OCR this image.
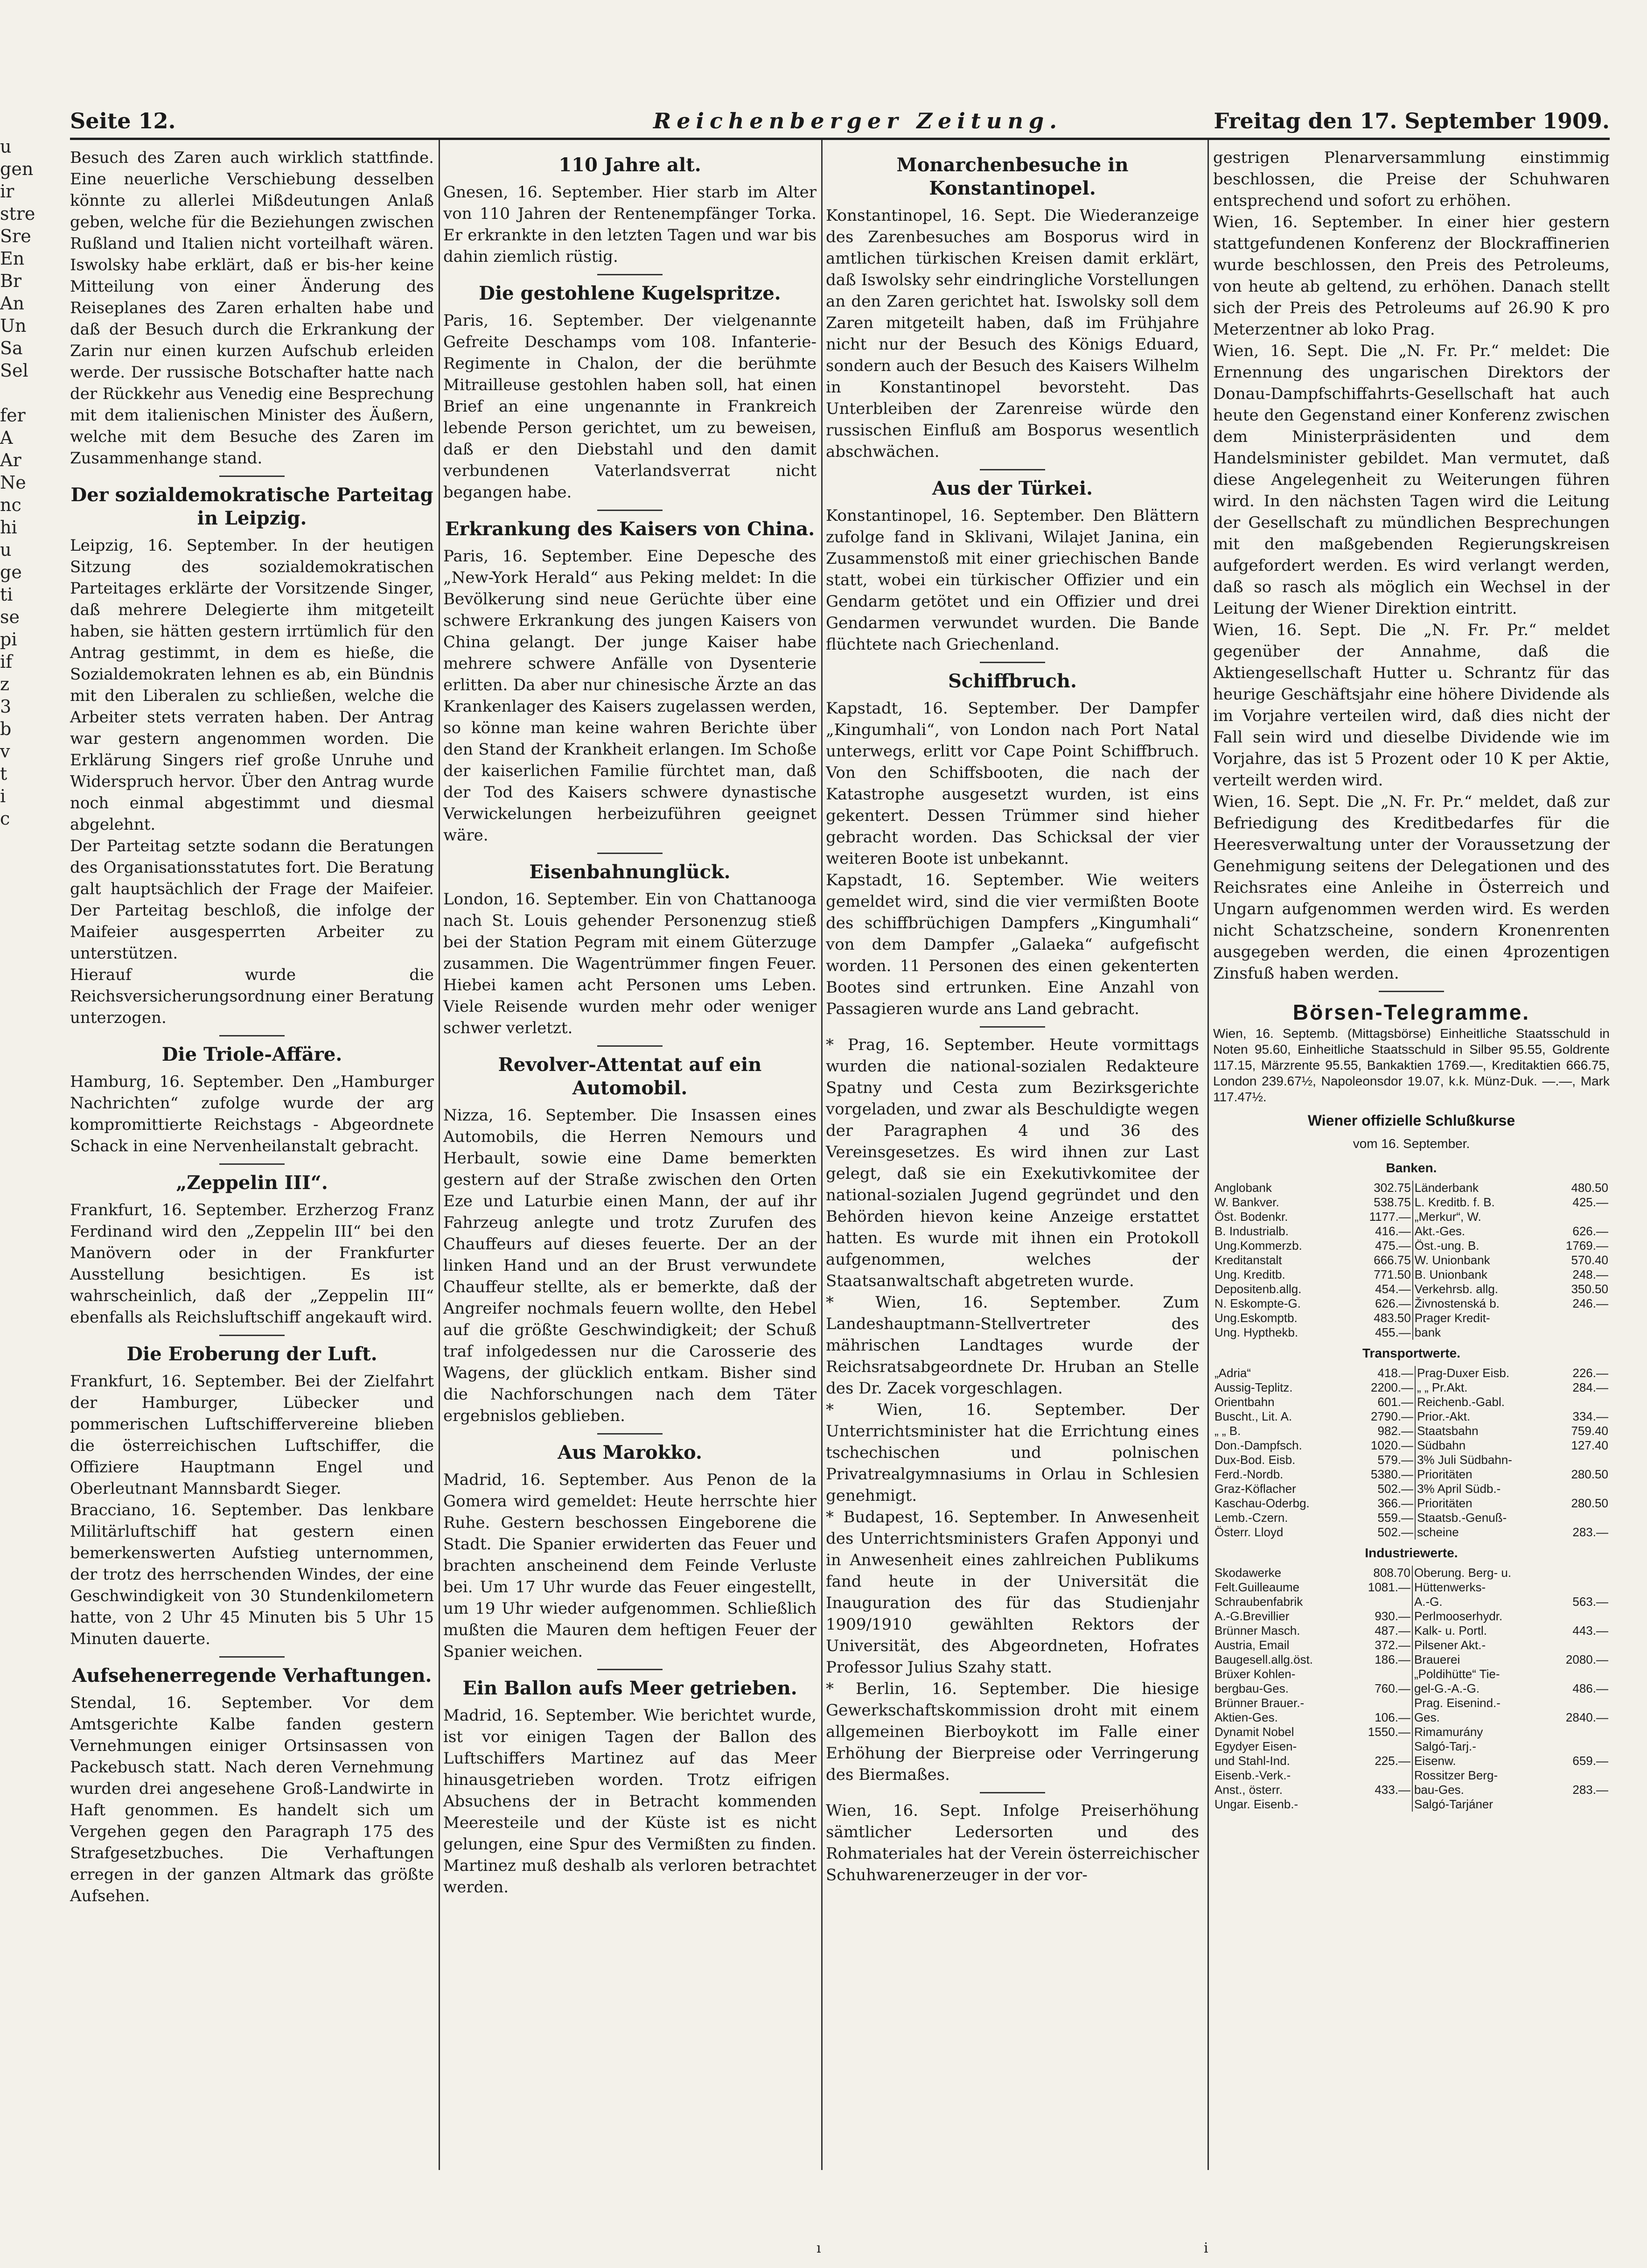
u
gen
ir
stre
Sre
En
Br
An
Un
Sa
Sel
fer
A
Ar
Ne
nc
hi
u
ge
ti
se
pi
if
z
3
b
v
t
i
c
Seite 12.	Reichenberger Zeitung.	Freitag den 17. September 1909.

Besuch des Zaren auch wirklich stattfinde. Eine neuerliche Verschiebung desselben könnte zu allerlei Mißdeutungen Anlaß geben, welche für die Beziehungen zwischen Rußland und Italien nicht vorteilhaft wären. Iswolsky habe erklärt, daß er bis-her keine Mitteilung von einer Änderung des Reiseplanes des Zaren erhalten habe und daß der Besuch durch die Erkrankung der Zarin nur einen kurzen Aufschub erleiden werde. Der russische Botschafter hatte nach der Rückkehr aus Venedig eine Besprechung mit dem italienischen Minister des Äußern, welche mit dem Besuche des Zaren im Zusammenhange stand.

Der sozialdemokratische Parteitag in Leipzig.

Leipzig, 16. September. In der heutigen Sitzung des sozialdemokratischen Parteitages erklärte der Vorsitzende Singer, daß mehrere Delegierte ihm mitgeteilt haben, sie hätten gestern irrtümlich für den Antrag gestimmt, in dem es hieße, die Sozialdemokraten lehnen es ab, ein Bündnis mit den Liberalen zu schließen, welche die Arbeiter stets verraten haben. Der Antrag war gestern angenommen worden. Die Erklärung Singers rief große Unruhe und Widerspruch hervor. Über den Antrag wurde noch einmal abgestimmt und diesmal abgelehnt.

Der Parteitag setzte sodann die Beratungen des Organisationsstatutes fort. Die Beratung galt hauptsächlich der Frage der Maifeier. Der Parteitag beschloß, die infolge der Maifeier ausgesperrten Arbeiter zu unterstützen.

Hierauf wurde die Reichsversicherungsordnung einer Beratung unterzogen.

Die Triole-Affäre.

Hamburg, 16. September. Den „Hamburger Nachrichten“ zufolge wurde der arg kompromittierte Reichstags - Abgeordnete Schack in eine Nervenheilanstalt gebracht.

„Zeppelin III“.

Frankfurt, 16. September. Erzherzog Franz Ferdinand wird den „Zeppelin III“ bei den Manövern oder in der Frankfurter Ausstellung besichtigen. Es ist wahrscheinlich, daß der „Zeppelin III“ ebenfalls als Reichsluftschiff angekauft wird.

Die Eroberung der Luft.

Frankfurt, 16. September. Bei der Zielfahrt der Hamburger, Lübecker und pommerischen Luftschiffervereine blieben die österreichischen Luftschiffer, die Offiziere Hauptmann Engel und Oberleutnant Mannsbardt Sieger.

Bracciano, 16. September. Das lenkbare Militärluftschiff hat gestern einen bemerkenswerten Aufstieg unternommen, der trotz des herrschenden Windes, der eine Geschwindigkeit von 30 Stundenkilometern hatte, von 2 Uhr 45 Minuten bis 5 Uhr 15 Minuten dauerte.

Aufsehenerregende Verhaftungen.

Stendal, 16. September. Vor dem Amtsgerichte Kalbe fanden gestern Vernehmungen einiger Ortsinsassen von Packebusch statt. Nach deren Vernehmung wurden drei angesehene Groß-Landwirte in Haft genommen. Es handelt sich um Vergehen gegen den Paragraph 175 des Strafgesetzbuches. Die Verhaftungen erregen in der ganzen Altmark das größte Aufsehen.

110 Jahre alt.

Gnesen, 16. September. Hier starb im Alter von 110 Jahren der Rentenempfänger Torka. Er erkrankte in den letzten Tagen und war bis dahin ziemlich rüstig.

Die gestohlene Kugelspritze.

Paris, 16. September. Der vielgenannte Gefreite Deschamps vom 108. Infanterie-Regimente in Chalon, der die berühmte Mitrailleuse gestohlen haben soll, hat einen Brief an eine ungenannte in Frankreich lebende Person gerichtet, um zu beweisen, daß er den Diebstahl und den damit verbundenen Vaterlandsverrat nicht begangen habe.

Erkrankung des Kaisers von China.

Paris, 16. September. Eine Depesche des „New-York Herald“ aus Peking meldet: In die Bevölkerung sind neue Gerüchte über eine schwere Erkrankung des jungen Kaisers von China gelangt. Der junge Kaiser habe mehrere schwere Anfälle von Dysenterie erlitten. Da aber nur chinesische Ärzte an das Krankenlager des Kaisers zugelassen werden, so könne man keine wahren Berichte über den Stand der Krankheit erlangen. Im Schoße der kaiserlichen Familie fürchtet man, daß der Tod des Kaisers schwere dynastische Verwickelungen herbeizuführen geeignet wäre.

Eisenbahnunglück.

London, 16. September. Ein von Chattanooga nach St. Louis gehender Personenzug stieß bei der Station Pegram mit einem Güterzuge zusammen. Die Wagentrümmer fingen Feuer. Hiebei kamen acht Personen ums Leben. Viele Reisende wurden mehr oder weniger schwer verletzt.

Revolver-Attentat auf ein Automobil.

Nizza, 16. September. Die Insassen eines Automobils, die Herren Nemours und Herbault, sowie eine Dame bemerkten gestern auf der Straße zwischen den Orten Eze und Laturbie einen Mann, der auf ihr Fahrzeug anlegte und trotz Zurufen des Chauffeurs auf dieses feuerte. Der an der linken Hand und an der Brust verwundete Chauffeur stellte, als er bemerkte, daß der Angreifer nochmals feuern wollte, den Hebel auf die größte Geschwindigkeit; der Schuß traf infolgedessen nur die Carosserie des Wagens, der glücklich entkam. Bisher sind die Nachforschungen nach dem Täter ergebnislos geblieben.

Aus Marokko.

Madrid, 16. September. Aus Penon de la Gomera wird gemeldet: Heute herrschte hier Ruhe. Gestern beschossen Eingeborene die Stadt. Die Spanier erwiderten das Feuer und brachten anscheinend dem Feinde Verluste bei. Um 17 Uhr wurde das Feuer eingestellt, um 19 Uhr wieder aufgenommen. Schließlich mußten die Mauren dem heftigen Feuer der Spanier weichen.

Ein Ballon aufs Meer getrieben.

Madrid, 16. September. Wie berichtet wurde, ist vor einigen Tagen der Ballon des Luftschiffers Martinez auf das Meer hinausgetrieben worden. Trotz eifrigen Absuchens der in Betracht kommenden Meeresteile und der Küste ist es nicht gelungen, eine Spur des Vermißten zu finden. Martinez muß deshalb als verloren betrachtet werden.

Monarchenbesuche in Konstantinopel.

Konstantinopel, 16. Sept. Die Wiederanzeige des Zarenbesuches am Bosporus wird in amtlichen türkischen Kreisen damit erklärt, daß Iswolsky sehr eindringliche Vorstellungen an den Zaren gerichtet hat. Iswolsky soll dem Zaren mitgeteilt haben, daß im Frühjahre nicht nur der Besuch des Königs Eduard, sondern auch der Besuch des Kaisers Wilhelm in Konstantinopel bevorsteht. Das Unterbleiben der Zarenreise würde den russischen Einfluß am Bosporus wesentlich abschwächen.

Aus der Türkei.

Konstantinopel, 16. September. Den Blättern zufolge fand in Sklivani, Wilajet Janina, ein Zusammenstoß mit einer griechischen Bande statt, wobei ein türkischer Offizier und ein Gendarm getötet und ein Offizier und drei Gendarmen verwundet wurden. Die Bande flüchtete nach Griechenland.

Schiffbruch.

Kapstadt, 16. September. Der Dampfer „Kingumhali“, von London nach Port Natal unterwegs, erlitt vor Cape Point Schiffbruch. Von den Schiffsbooten, die nach der Katastrophe ausgesetzt wurden, ist eins gekentert. Dessen Trümmer sind hieher gebracht worden. Das Schicksal der vier weiteren Boote ist unbekannt.

Kapstadt, 16. September. Wie weiters gemeldet wird, sind die vier vermißten Boote des schiffbrüchigen Dampfers „Kingumhali“ von dem Dampfer „Galaeka“ aufgefischt worden. 11 Personen des einen gekenterten Bootes sind ertrunken. Eine Anzahl von Passagieren wurde ans Land gebracht.

* Prag, 16. September. Heute vormittags wurden die national-sozialen Redakteure Spatny und Cesta zum Bezirksgerichte vorgeladen, und zwar als Beschuldigte wegen der Paragraphen 4 und 36 des Vereinsgesetzes. Es wird ihnen zur Last gelegt, daß sie ein Exekutivkomitee der national-sozialen Jugend gegründet und den Behörden hievon keine Anzeige erstattet hatten. Es wurde mit ihnen ein Protokoll aufgenommen, welches der Staatsanwaltschaft abgetreten wurde.

* Wien, 16. September. Zum Landeshauptmann-Stellvertreter des mährischen Landtages wurde der Reichsratsabgeordnete Dr. Hruban an Stelle des Dr. Zacek vorgeschlagen.

* Wien, 16. September. Der Unterrichtsminister hat die Errichtung eines tschechischen und polnischen Privatrealgymnasiums in Orlau in Schlesien genehmigt.

* Budapest, 16. September. In Anwesenheit des Unterrichtsministers Grafen Apponyi und in Anwesenheit eines zahlreichen Publikums fand heute in der Universität die Inauguration des für das Studienjahr 1909/1910 gewählten Rektors der Universität, des Abgeordneten, Hofrates Professor Julius Szahy statt.

* Berlin, 16. September. Die hiesige Gewerkschaftskommission droht mit einem allgemeinen Bierboykott im Falle einer Erhöhung der Bierpreise oder Verringerung des Biermaßes.

Wien, 16. Sept. Infolge Preiserhöhung sämtlicher Ledersorten und des Rohmateriales hat der Verein österreichischer Schuhwarenerzeuger in der vor-

gestrigen Plenarversammlung einstimmig beschlossen, die Preise der Schuhwaren entsprechend und sofort zu erhöhen.

Wien, 16. September. In einer hier gestern stattgefundenen Konferenz der Blockraffinerien wurde beschlossen, den Preis des Petroleums, von heute ab geltend, zu erhöhen. Danach stellt sich der Preis des Petroleums auf 26.90 K pro Meterzentner ab loko Prag.

Wien, 16. Sept. Die „N. Fr. Pr.“ meldet: Die Ernennung des ungarischen Direktors der Donau-Dampfschiffahrts-Gesellschaft hat auch heute den Gegenstand einer Konferenz zwischen dem Ministerpräsidenten und dem Handelsminister gebildet. Man vermutet, daß diese Angelegenheit zu Weiterungen führen wird. In den nächsten Tagen wird die Leitung der Gesellschaft zu mündlichen Besprechungen mit den maßgebenden Regierungskreisen aufgefordert werden. Es wird verlangt werden, daß so rasch als möglich ein Wechsel in der Leitung der Wiener Direktion eintritt.

Wien, 16. Sept. Die „N. Fr. Pr.“ meldet gegenüber der Annahme, daß die Aktiengesellschaft Hutter u. Schrantz für das heurige Geschäftsjahr eine höhere Dividende als im Vorjahre verteilen wird, daß dies nicht der Fall sein wird und dieselbe Dividende wie im Vorjahre, das ist 5 Prozent oder 10 K per Aktie, verteilt werden wird.

Wien, 16. Sept. Die „N. Fr. Pr.“ meldet, daß zur Befriedigung des Kreditbedarfes für die Heeresverwaltung unter der Voraussetzung der Genehmigung seitens der Delegationen und des Reichsrates eine Anleihe in Österreich und Ungarn aufgenommen werden wird. Es werden nicht Schatzscheine, sondern Kronenrenten ausgegeben werden, die einen 4prozentigen Zinsfuß haben werden.

Börsen-Telegramme.
Wien, 16. Septemb. (Mittagsbörse) Einheitliche Staatsschuld in Noten 95.60, Einheitliche Staatsschuld in Silber 95.55, Goldrente 117.15, Märzrente 95.55, Bankaktien 1769.—, Kreditaktien 666.75, London 239.67½, Napoleonsdor 19.07, k.k. Münz-Duk. —.—, Mark 117.47½.
Wiener offizielle Schlußkurse
vom 16. September.
Banken.
Anglobank	302.75	Länderbank	480.50
W. Bankver.	538.75	L. Kreditb. f. B.	425.—
Öst. Bodenkr.	1177.—	„Merkur“, W.	
B. Industrialb.	416.—	Akt.-Ges.	626.—
Ung.Kommerzb.	475.—	Öst.-ung. B.	1769.—
Kreditanstalt	666.75	W. Unionbank	570.40
Ung. Kreditb.	771.50	B. Unionbank	248.—
Depositenb.allg.	454.—	Verkehrsb. allg.	350.50
N. Eskompte-G.	626.—	Živnostenská b.	246.—
Ung.Eskomptb.	483.50	Prager Kredit-	
Ung. Hypthekb.	455.—	bank	
Transportwerte.
„Adria“	418.—	Prag-Duxer Eisb.	226.—
Aussig-Teplitz.	2200.—	„ „ Pr.Akt.	284.—
Orientbahn	601.—	Reichenb.-Gabl.	
Buscht., Lit. A.	2790.—	Prior.-Akt.	334.—
„ „ B.	982.—	Staatsbahn	759.40
Don.-Dampfsch.	1020.—	Südbahn	127.40
Dux-Bod. Eisb.	579.—	3% Juli Südbahn-	
Ferd.-Nordb.	5380.—	Prioritäten	280.50
Graz-Köflacher	502.—	3% April Südb.-	
Kaschau-Oderbg.	366.—	Prioritäten	280.50
Lemb.-Czern.	559.—	Staatsb.-Genuß-	
Österr. Lloyd	502.—	scheine	283.—
Industriewerte.
Skodawerke	808.70	Oberung. Berg- u.	
Felt.Guilleaume	1081.—	Hüttenwerks-	
Schraubenfabrik		A.-G.	563.—
A.-G.Brevillier	930.—	Perlmooserhydr.	
Brünner Masch.	487.—	Kalk- u. Portl.	443.—
Austria, Email	372.—	Pilsener Akt.-	
Baugesell.allg.öst.	186.—	Brauerei	2080.—
Brüxer Kohlen-		„Poldihütte“ Tie-	
bergbau-Ges.	760.—	gel-G.-A.-G.	486.—
Brünner Brauer.-		Prag. Eisenind.-	
Aktien-Ges.	106.—	Ges.	2840.—
Dynamit Nobel	1550.—	Rimamurány	
Egydyer Eisen-		Salgó-Tarj.-	
und Stahl-Ind.	225.—	Eisenw.	659.—
Eisenb.-Verk.-		Rossitzer Berg-	
Anst., österr.	433.—	bau-Ges.	283.—
Ungar. Eisenb.-		Salgó-Tarjáner	
ı	i
